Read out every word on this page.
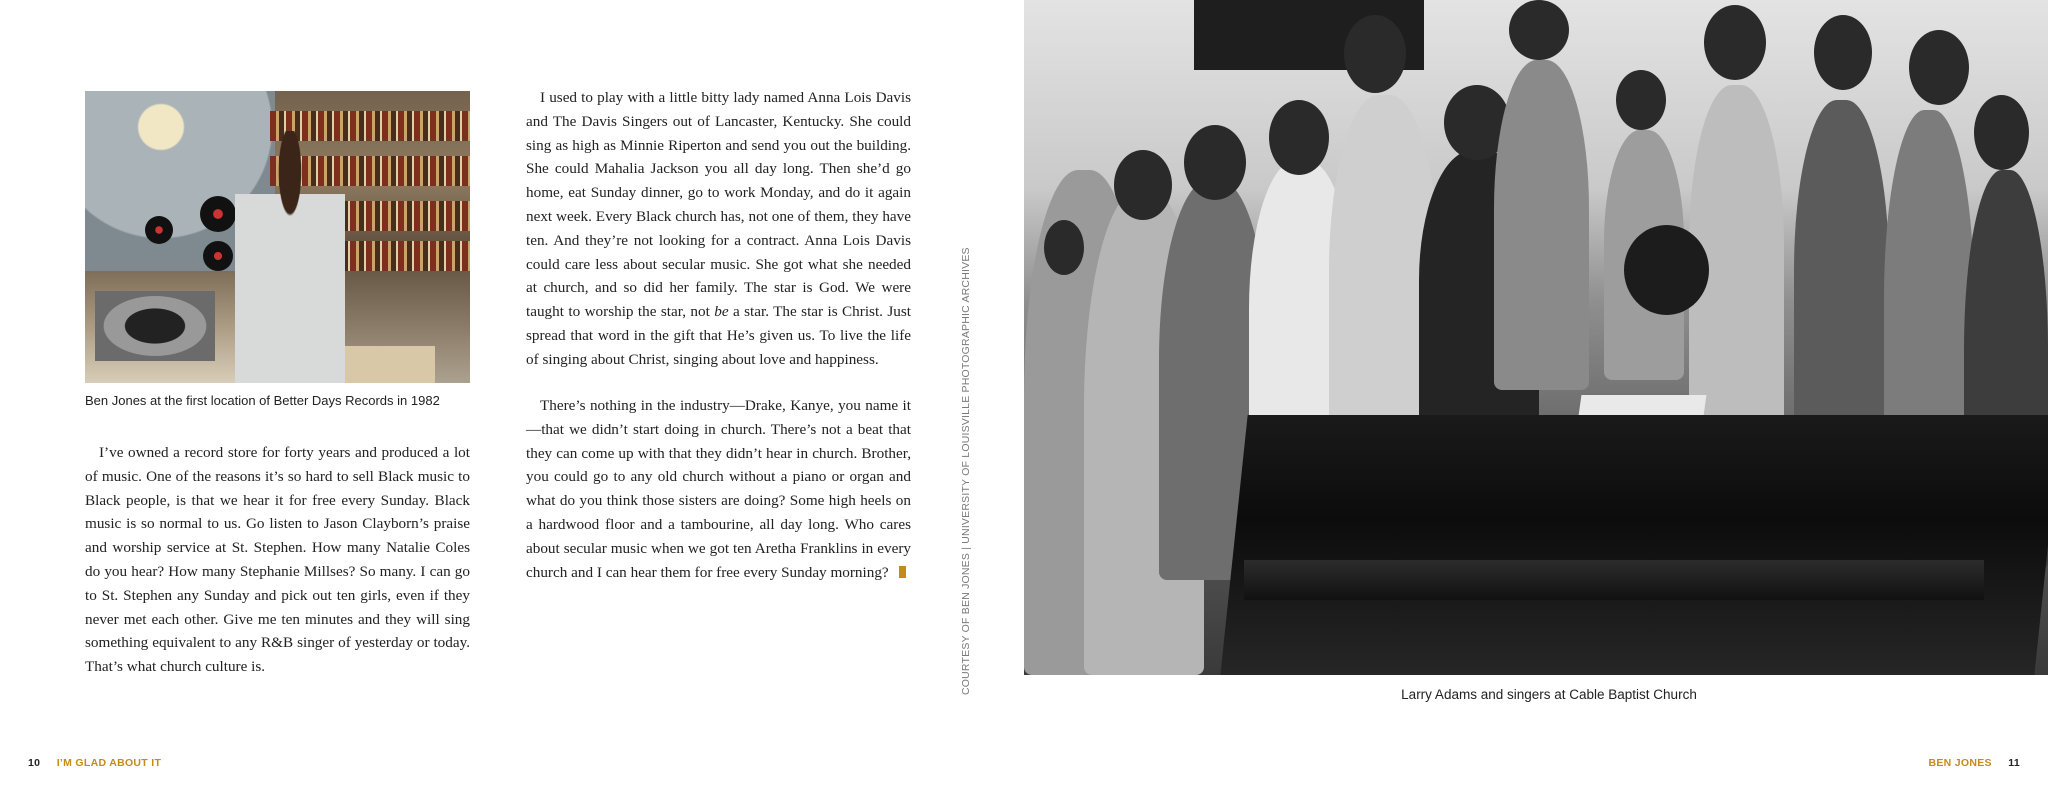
Ben Jones at the first location of Better Days Records in 1982

I’ve owned a record store for forty years and produced a lot of music. One of the reasons it’s so hard to sell Black music to Black people, is that we hear it for free every Sunday. Black music is so normal to us. Go listen to Jason Clayborn’s praise and worship service at St. Stephen. How many Natalie Coles do you hear? How many Stephanie Millses? So many. I can go to St. Stephen any Sunday and pick out ten girls, even if they never met each other. Give me ten minutes and they will sing something equivalent to any R&B singer of yesterday or today. That’s what church culture is.

I used to play with a little bitty lady named Anna Lois Davis and The Davis Singers out of Lancaster, Kentucky. She could sing as high as Minnie Riperton and send you out the building. She could Mahalia Jackson you all day long. Then she’d go home, eat Sunday dinner, go to work Monday, and do it again next week. Every Black church has, not one of them, they have ten. And they’re not looking for a contract. Anna Lois Davis could care less about secular music. She got what she needed at church, and so did her family. The star is God. We were taught to worship the star, not be a star. The star is Christ. Just spread that word in the gift that He’s given us. To live the life of singing about Christ, singing about love and happiness.

There’s nothing in the industry—Drake, Kanye, you name it—that we didn’t start doing in church. There’s not a beat that they can come up with that they didn’t hear in church. Brother, you could go to any old church without a piano or organ and what do you think those sisters are doing? Some high heels on a hardwood floor and a tambourine, all day long. Who cares about secular music when we got ten Aretha Franklins in every church and I can hear them for free every Sunday morning?	COURTESY OF BEN JONES | UNIVERSITY OF LOUISVILLE PHOTOGRAPHIC ARCHIVES	Larry Adams and singers at Cable Baptist Church
10 I’M GLAD ABOUT IT	BEN JONES 11
